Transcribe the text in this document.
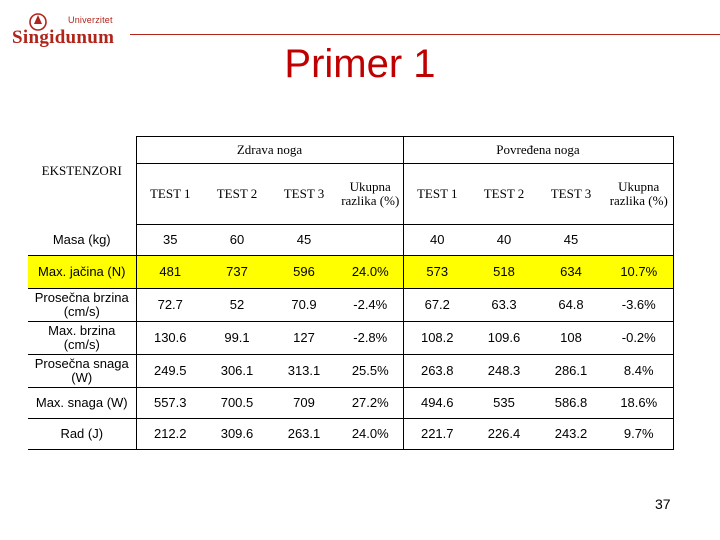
Univerzitet
Singidunum
Primer 1
EKSTENZORI	Zdrava noga				Povređena noga			
	TEST 1	TEST 2	TEST 3	Ukupna razlika (%)	TEST 1	TEST 2	TEST 3	Ukupna razlika (%)
Masa (kg)	35	60	45		40	40	45	
Max. jačina (N)	481	737	596	24.0%	573	518	634	10.7%
Prosečna brzina (cm/s)	72.7	52	70.9	-2.4%	67.2	63.3	64.8	-3.6%
Max. brzina (cm/s)	130.6	99.1	127	-2.8%	108.2	109.6	108	-0.2%
Prosečna snaga (W)	249.5	306.1	313.1	25.5%	263.8	248.3	286.1	8.4%
Max. snaga (W)	557.3	700.5	709	27.2%	494.6	535	586.8	18.6%
Rad (J)	212.2	309.6	263.1	24.0%	221.7	226.4	243.2	9.7%
37
